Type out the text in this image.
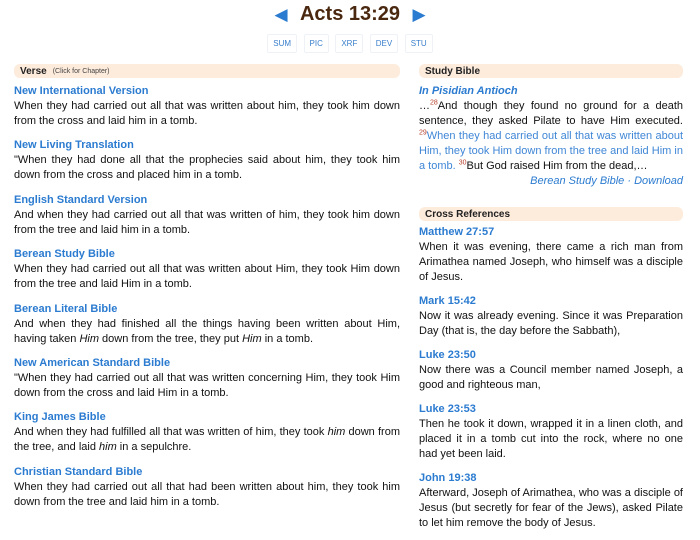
◀ Acts 13:29 ▶
SUM PIC XRF DEV STU
Verse (Click for Chapter)
New International Version

When they had carried out all that was written about him, they took him down from the cross and laid him in a tomb.

New Living Translation

"When they had done all that the prophecies said about him, they took him down from the cross and placed him in a tomb.

English Standard Version

And when they had carried out all that was written of him, they took him down from the tree and laid him in a tomb.

Berean Study Bible

When they had carried out all that was written about Him, they took Him down from the tree and laid Him in a tomb.

Berean Literal Bible

And when they had finished all the things having been written about Him, having taken Him down from the tree, they put Him in a tomb.

New American Standard Bible

"When they had carried out all that was written concerning Him, they took Him down from the cross and laid Him in a tomb.

King James Bible

And when they had fulfilled all that was written of him, they took him down from the tree, and laid him in a sepulchre.

Christian Standard Bible

When they had carried out all that had been written about him, they took him down from the tree and laid him in a tomb.

Study Bible
In Pisidian Antioch
…$^{28}$And though they found no ground for a death sentence, they asked Pilate to have Him executed. $^{29}$When they had carried out all that was written about Him, they took Him down from the tree and laid Him in a tomb. $^{30}$But God raised Him from the dead,…
Berean Study Bible · Download
Cross References
Matthew 27:57

When it was evening, there came a rich man from Arimathea named Joseph, who himself was a disciple of Jesus.

Mark 15:42

Now it was already evening. Since it was Preparation Day (that is, the day before the Sabbath),

Luke 23:50

Now there was a Council member named Joseph, a good and righteous man,

Luke 23:53

Then he took it down, wrapped it in a linen cloth, and placed it in a tomb cut into the rock, where no one had yet been laid.

John 19:38

Afterward, Joseph of Arimathea, who was a disciple of Jesus (but secretly for fear of the Jews), asked Pilate to let him remove the body of Jesus.
